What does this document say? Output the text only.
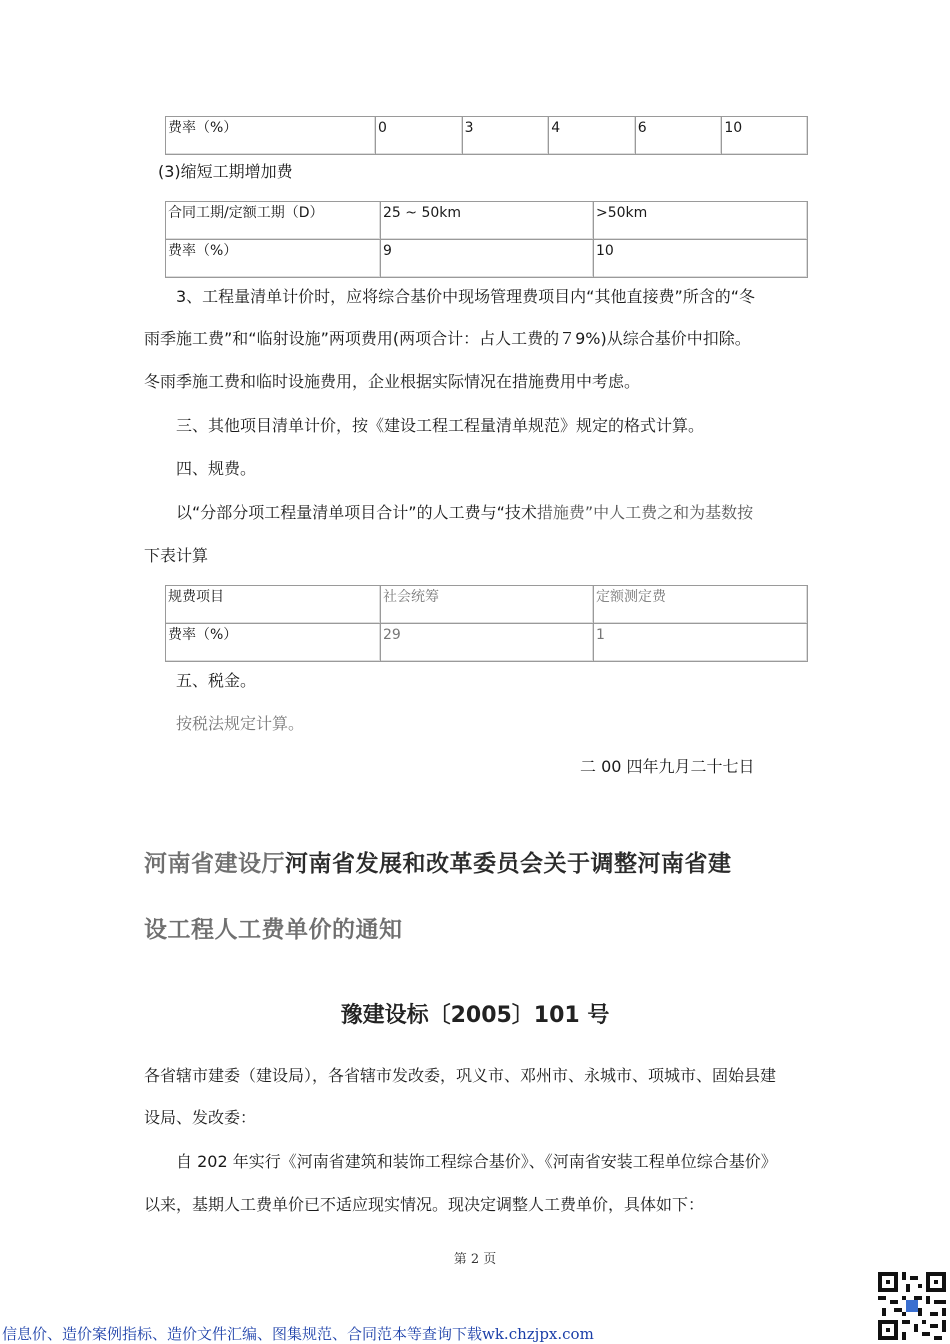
费率（%）	0	3	4	6	10
(3)缩短工期增加费
合同工期/定额工期（D）	25 ~ 50km	>50km
费率（%）	9	10
3、工程量清单计价时，应将综合基价中现场管理费项目内“其他直接费”所含的“冬
雨季施工费”和“临射设施”两项费用(两项合计：占人工费的７9%)从综合基价中扣除。
冬雨季施工费和临时设施费用，企业根据实际情况在措施费用中考虑。
三、其他项目清单计价，按《建设工程工程量清单规范》规定的格式计算。
四、规费。
以“分部分项工程量清单项目合计”的人工费与“技术措施费”中人工费之和为基数按
下表计算
规费项目	社会统筹	定额测定费
费率（%）	29	1
五、税金。
按税法规定计算。
二 00 四年九月二十七日
河南省建设厅河南省发展和改革委员会关于调整河南省建
设工程人工费单价的通知
豫建设标〔2005〕101 号
各省辖市建委（建设局），各省辖市发改委，巩义市、邓州市、永城市、项城市、固始县建
设局、发改委：
自 202 年实行《河南省建筑和装饰工程综合基价》、《河南省安装工程单位综合基价》
以来，基期人工费单价已不适应现实情况。现决定调整人工费单价，具体如下：
第 2 页
信息价、造价案例指标、造价文件汇编、图集规范、合同范本等查询下载wk.chzjpx.com
